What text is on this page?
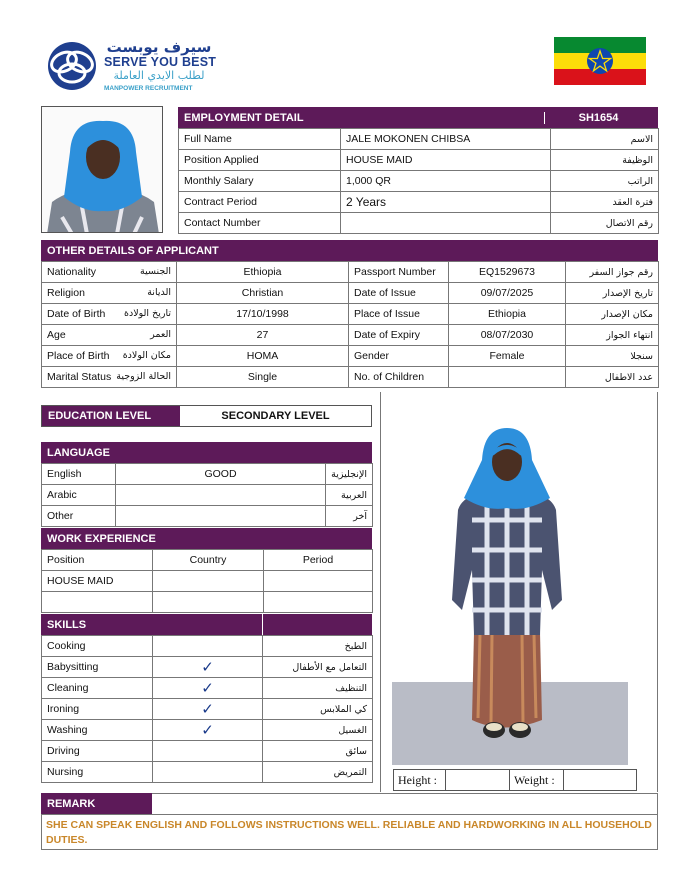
سيرف يوبست
SERVE YOU BEST
لطلب الايدي العاملة
MANPOWER RECRUITMENT
EMPLOYMENT DETAIL	SH1654
Full Name	JALE MOKONEN CHIBSA	الاسم
Position Applied	HOUSE MAID	الوظيفة
Monthly Salary	1,000 QR	الراتب
Contract Period	2 Years	فترة العقد
Contact Number		رقم الاتصال
OTHER DETAILS OF APPLICANT
Nationality الجنسية	Ethiopia	Passport Number	EQ1529673	رقم جواز السفر
Religion الديانة	Christian	Date of Issue	09/07/2025	تاريخ الإصدار
Date of Birth تاريخ الولادة	17/10/1998	Place of Issue	Ethiopia	مكان الإصدار
Age العمر	27	Date of Expiry	08/07/2030	انتهاء الجواز
Place of Birth مكان الولادة	HOMA	Gender	Female	سنجلا
Marital Status الحالة الزوجية	Single	No. of Children		عدد الاطفال
EDUCATION LEVEL	SECONDARY LEVEL
LANGUAGE
English	GOOD	الإنجليزية
Arabic		العربية
Other		آخر
WORK EXPERIENCE
Position	Country	Period
HOUSE MAID		

SKILLS
Cooking		الطبخ
Babysitting	✓	التعامل مع الأطفال
Cleaning	✓	التنظيف
Ironing	✓	كي الملابس
Washing	✓	الغسيل
Driving		سائق
Nursing		التمريض
Height :	Weight :
REMARK
SHE CAN SPEAK ENGLISH AND FOLLOWS INSTRUCTIONS WELL. RELIABLE AND HARDWORKING IN ALL HOUSEHOLD DUTIES.
